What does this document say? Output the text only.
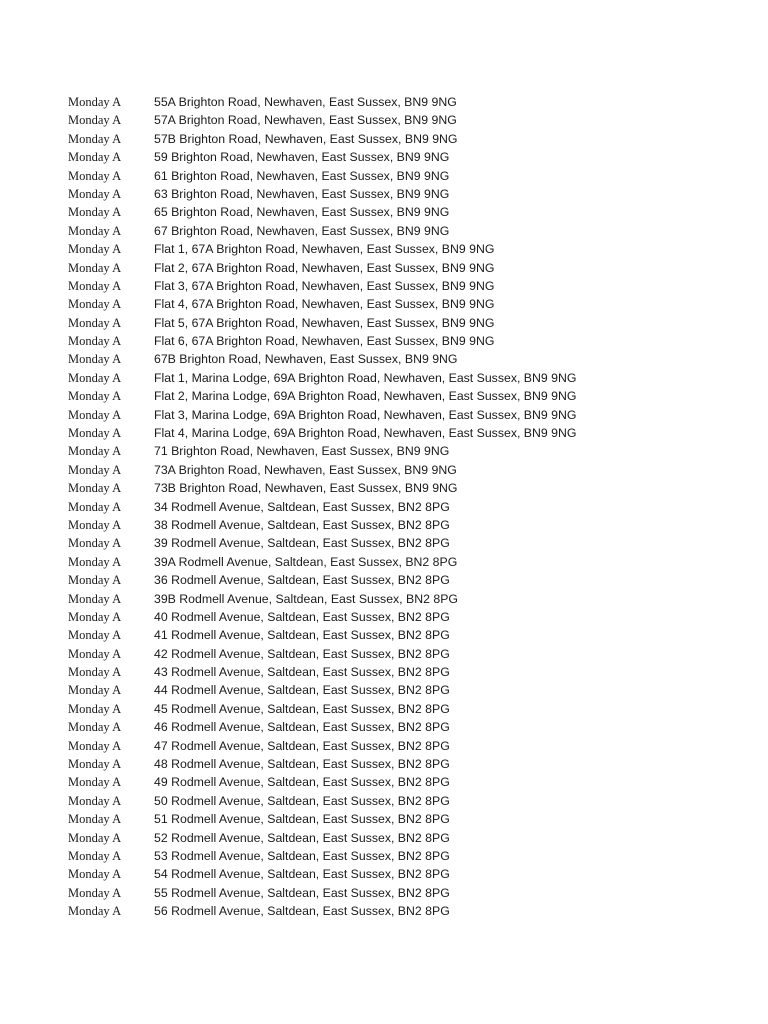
Monday A	55A Brighton Road, Newhaven, East Sussex, BN9 9NG
Monday A	57A Brighton Road, Newhaven, East Sussex, BN9 9NG
Monday A	57B Brighton Road, Newhaven, East Sussex, BN9 9NG
Monday A	59 Brighton Road, Newhaven, East Sussex, BN9 9NG
Monday A	61 Brighton Road, Newhaven, East Sussex, BN9 9NG
Monday A	63 Brighton Road, Newhaven, East Sussex, BN9 9NG
Monday A	65 Brighton Road, Newhaven, East Sussex, BN9 9NG
Monday A	67 Brighton Road, Newhaven, East Sussex, BN9 9NG
Monday A	Flat 1, 67A Brighton Road, Newhaven, East Sussex, BN9 9NG
Monday A	Flat 2, 67A Brighton Road, Newhaven, East Sussex, BN9 9NG
Monday A	Flat 3, 67A Brighton Road, Newhaven, East Sussex, BN9 9NG
Monday A	Flat 4, 67A Brighton Road, Newhaven, East Sussex, BN9 9NG
Monday A	Flat 5, 67A Brighton Road, Newhaven, East Sussex, BN9 9NG
Monday A	Flat 6, 67A Brighton Road, Newhaven, East Sussex, BN9 9NG
Monday A	67B Brighton Road, Newhaven, East Sussex, BN9 9NG
Monday A	Flat 1, Marina Lodge, 69A Brighton Road, Newhaven, East Sussex, BN9 9NG
Monday A	Flat 2, Marina Lodge, 69A Brighton Road, Newhaven, East Sussex, BN9 9NG
Monday A	Flat 3, Marina Lodge, 69A Brighton Road, Newhaven, East Sussex, BN9 9NG
Monday A	Flat 4, Marina Lodge, 69A Brighton Road, Newhaven, East Sussex, BN9 9NG
Monday A	71 Brighton Road, Newhaven, East Sussex, BN9 9NG
Monday A	73A Brighton Road, Newhaven, East Sussex, BN9 9NG
Monday A	73B Brighton Road, Newhaven, East Sussex, BN9 9NG
Monday A	34 Rodmell Avenue, Saltdean, East Sussex, BN2 8PG
Monday A	38 Rodmell Avenue, Saltdean, East Sussex, BN2 8PG
Monday A	39 Rodmell Avenue, Saltdean, East Sussex, BN2 8PG
Monday A	39A Rodmell Avenue, Saltdean, East Sussex, BN2 8PG
Monday A	36 Rodmell Avenue, Saltdean, East Sussex, BN2 8PG
Monday A	39B Rodmell Avenue, Saltdean, East Sussex, BN2 8PG
Monday A	40 Rodmell Avenue, Saltdean, East Sussex, BN2 8PG
Monday A	41 Rodmell Avenue, Saltdean, East Sussex, BN2 8PG
Monday A	42 Rodmell Avenue, Saltdean, East Sussex, BN2 8PG
Monday A	43 Rodmell Avenue, Saltdean, East Sussex, BN2 8PG
Monday A	44 Rodmell Avenue, Saltdean, East Sussex, BN2 8PG
Monday A	45 Rodmell Avenue, Saltdean, East Sussex, BN2 8PG
Monday A	46 Rodmell Avenue, Saltdean, East Sussex, BN2 8PG
Monday A	47 Rodmell Avenue, Saltdean, East Sussex, BN2 8PG
Monday A	48 Rodmell Avenue, Saltdean, East Sussex, BN2 8PG
Monday A	49 Rodmell Avenue, Saltdean, East Sussex, BN2 8PG
Monday A	50 Rodmell Avenue, Saltdean, East Sussex, BN2 8PG
Monday A	51 Rodmell Avenue, Saltdean, East Sussex, BN2 8PG
Monday A	52 Rodmell Avenue, Saltdean, East Sussex, BN2 8PG
Monday A	53 Rodmell Avenue, Saltdean, East Sussex, BN2 8PG
Monday A	54 Rodmell Avenue, Saltdean, East Sussex, BN2 8PG
Monday A	55 Rodmell Avenue, Saltdean, East Sussex, BN2 8PG
Monday A	56 Rodmell Avenue, Saltdean, East Sussex, BN2 8PG
